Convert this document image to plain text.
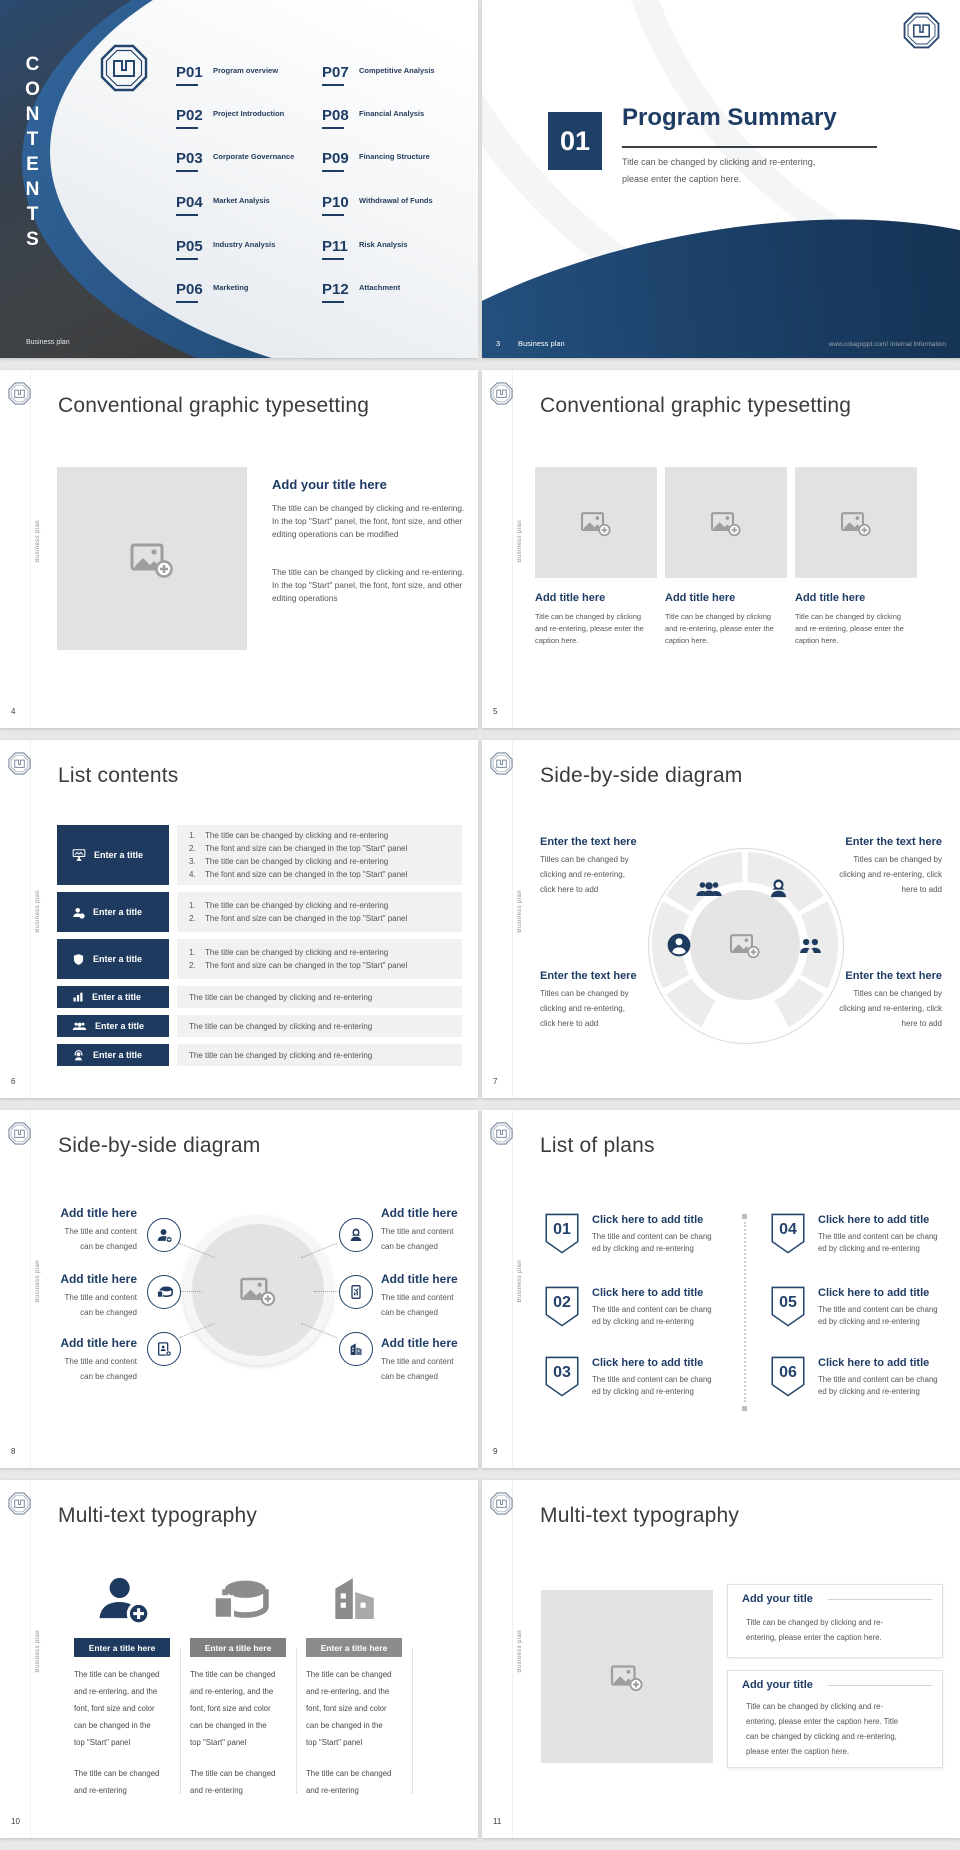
CONTENTS	P01	Program overview
P02	Project Introduction
P03	Corporate Governance
P04	Market Analysis
P05	Industry Analysis
P06	Marketing
P07	Competitive Analysis
P08	Financial Analysis
P09	Financing Structure
P10	Withdrawal of Funds
P11	Risk Analysis
P12	Attachment
Business plan
01
Program Summary
Title can be changed by clicking and re-entering,
please enter the caption here.
3 Business plan	www.colagoppt.com/ Internal Information
Business plan
Conventional graphic typesetting
Add your title here
The title can be changed by clicking and re-entering. In the top "Start" panel, the font, font size, and other editing operations can be modified
The title can be changed by clicking and re-entering. In the top "Start" panel, the font, font size, and other editing operations
4
Business plan
Conventional graphic typesetting
Add title here	Add title here	Add title here
Title can be changed by clicking and re-entering, please enter the caption here.
Title can be changed by clicking and re-entering, please enter the caption here.
Title can be changed by clicking and re-entering, please enter the caption here.
5
Business plan
List contents
Enter a title
1.	The title can be changed by clicking and re-entering
2.	The font and size can be changed in the top "Start" panel
3.	The title can be changed by clicking and re-entering
4.	The font and size can be changed in the top "Start" panel
Enter a title
1.	The title can be changed by clicking and re-entering
2.	The font and size can be changed in the top "Start" panel
Enter a title
1.	The title can be changed by clicking and re-entering
2.	The font and size can be changed in the top "Start" panel
Enter a title	The title can be changed by clicking and re-entering
Enter a title	The title can be changed by clicking and re-entering
Enter a title	The title can be changed by clicking and re-entering
6
Business plan
Side-by-side diagram
Enter the text here
Titles can be changed by
clicking and re-entering,
click here to add
Enter the text here
Titles can be changed by
clicking and re-entering, click
here to add
Enter the text here
Titles can be changed by
clicking and re-entering,
click here to add
Enter the text here
Titles can be changed by
clicking and re-entering, click
here to add
7
Business plan
Side-by-side diagram
Add title here
The title and content
can be changed
Add title here
The title and content
can be changed
Add title here
The title and content
can be changed
Add title here
The title and content
can be changed
Add title here
The title and content
can be changed
Add title here
The title and content
can be changed
8
Business plan
List of plans
01
Click here to add title
The title and content can be chang
ed by clicking and re-entering
02
Click here to add title
The title and content can be chang
ed by clicking and re-entering
03
Click here to add title
The title and content can be chang
ed by clicking and re-entering
04
Click here to add title
The title and content can be chang
ed by clicking and re-entering
05
Click here to add title
The title and content can be chang
ed by clicking and re-entering
06
Click here to add title
The title and content can be chang
ed by clicking and re-entering
9
Business plan
Multi-text typography
Enter a title here	Enter a title here	Enter a title here
The title can be changed
and re-entering, and the
font, font size and color
can be changed in the
top "Start" panel
The title can be changed
and re-entering
The title can be changed
and re-entering, and the
font, font size and color
can be changed in the
top "Start" panel
The title can be changed
and re-entering
The title can be changed
and re-entering, and the
font, font size and color
can be changed in the
top "Start" panel
The title can be changed
and re-entering
10
Business plan
Multi-text typography
Add your title
Title can be changed by clicking and re-
entering, please enter the caption here.
Add your title
Title can be changed by clicking and re-
entering, please enter the caption here. Title
can be changed by clicking and re-entering,
please enter the caption here.
11
